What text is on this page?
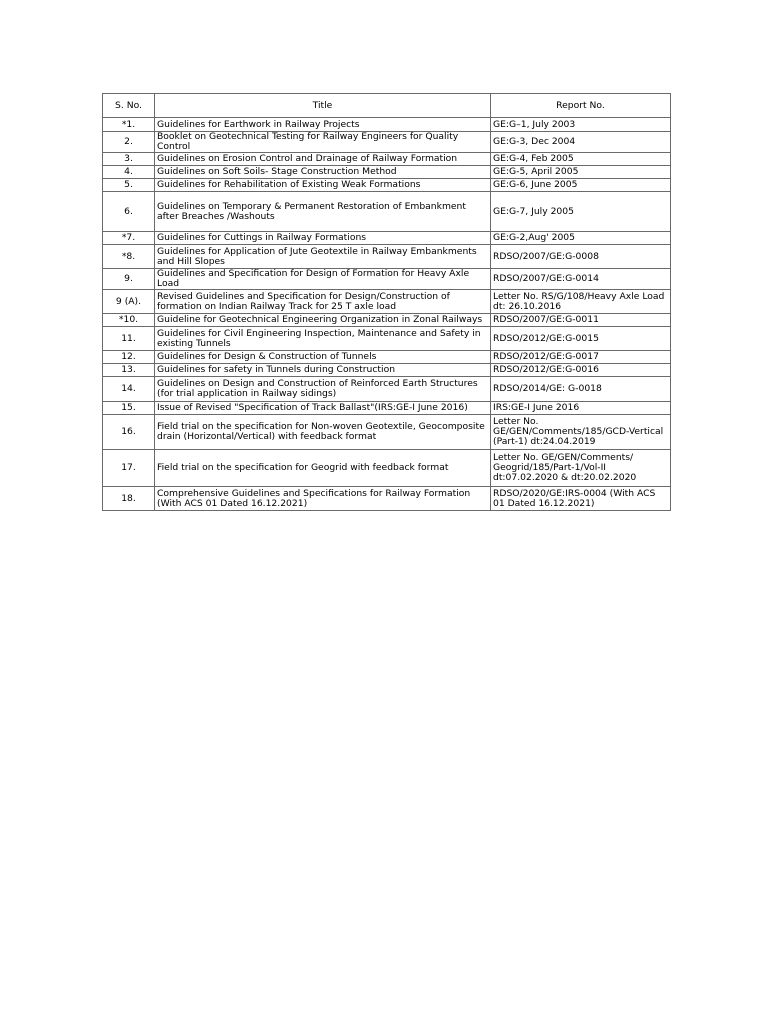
S. No.	Title	Report No.
*1.	Guidelines for Earthwork in Railway Projects	GE:G–1, July 2003
2.	Booklet on Geotechnical Testing for Railway Engineers for Quality Control	GE:G-3, Dec 2004
3.	Guidelines on Erosion Control and Drainage of Railway Formation	GE:G-4, Feb 2005
4.	Guidelines on Soft Soils- Stage Construction Method	GE:G-5, April 2005
5.	Guidelines for Rehabilitation of Existing Weak Formations	GE:G-6, June 2005
6.	Guidelines on Temporary & Permanent Restoration of Embankment after Breaches /Washouts	GE:G-7, July 2005
*7.	Guidelines for Cuttings in Railway Formations	GE:G-2,Aug' 2005
*8.	Guidelines for Application of Jute Geotextile in Railway Embankments and Hill Slopes	RDSO/2007/GE:G-0008
9.	Guidelines and Specification for Design of Formation for Heavy Axle Load	RDSO/2007/GE:G-0014
9 (A).	Revised Guidelines and Specification for Design/Construction of formation on Indian Railway Track for 25 T axle load	Letter No. RS/G/108/Heavy Axle Load dt: 26.10.2016
*10.	Guideline for Geotechnical Engineering Organization in Zonal Railways	RDSO/2007/GE:G-0011
11.	Guidelines for Civil Engineering Inspection, Maintenance and Safety in existing Tunnels	RDSO/2012/GE:G-0015
12.	Guidelines for Design & Construction of Tunnels	RDSO/2012/GE:G-0017
13.	Guidelines for safety in Tunnels during Construction	RDSO/2012/GE:G-0016
14.	Guidelines on Design and Construction of Reinforced Earth Structures (for trial application in Railway sidings)	RDSO/2014/GE: G-0018
15.	Issue of Revised "Specification of Track Ballast"(IRS:GE-I June 2016)	IRS:GE-I June 2016
16.	Field trial on the specification for Non-woven Geotextile, Geocomposite drain (Horizontal/Vertical) with feedback format	Letter No. GE/GEN/Comments/185/GCD-Vertical (Part-1) dt:24.04.2019
17.	Field trial on the specification for Geogrid with feedback format	Letter No. GE/GEN/Comments/ Geogrid/185/Part-1/Vol-II dt:07.02.2020 & dt:20.02.2020
18.	Comprehensive Guidelines and Specifications for Railway Formation (With ACS 01 Dated 16.12.2021)	RDSO/2020/GE:IRS-0004 (With ACS 01 Dated 16.12.2021)
